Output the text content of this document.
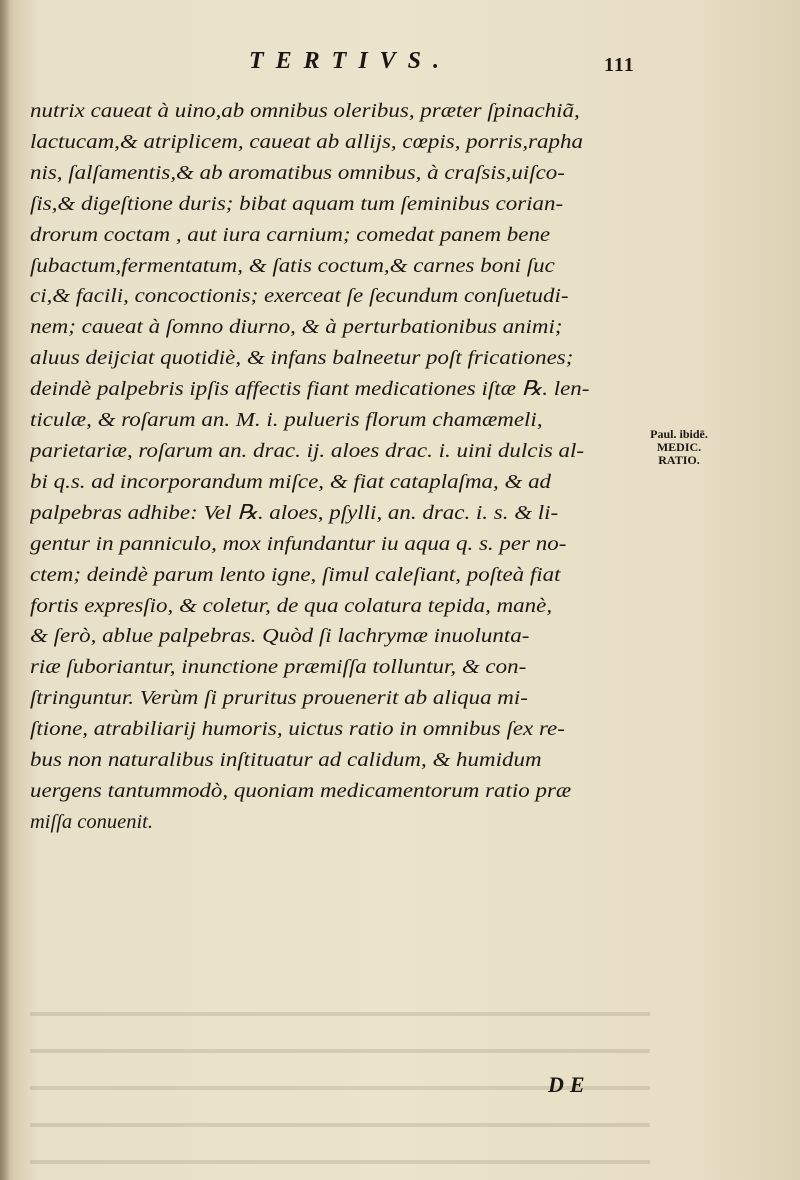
TERTIVS.	111
nutrix caueat à uino,ab omnibus oleribus, præter ſpinachiã,
lactucam,& atriplicem, caueat ab allijs, cœpis, porris,rapha
nis, ſalſamentis,& ab aromatibus omnibus, à craſsis,uiſco-
ſis,& digeſtione duris; bibat aquam tum ſeminibus corian-
drorum coctam , aut iura carnium; comedat panem bene
ſubactum,fermentatum, & ſatis coctum,& carnes boni ſuc
ci,& facili, concoctionis; exerceat ſe ſecundum conſuetudi-
nem; caueat à ſomno diurno, & à perturbationibus animi;
aluus deijciat quotidiè, & infans balneetur poſt fricationes;
deindè palpebris ipſis affectis fiant medicationes iſtæ ℞. len-
ticulæ, & roſarum an. M. i. pulueris florum chamæmeli,
parietariæ, roſarum an. drac. ij. aloes drac. i. uini dulcis al-
bi q.s. ad incorporandum miſce, & fiat cataplaſma, & ad
palpebras adhibe: Vel ℞. aloes, pſylli, an. drac. i. s. & li-
gentur in panniculo, mox infundantur iu aqua q. s. per no-
ctem; deindè parum lento igne, ſimul caleſiant, poſteà fiat
fortis expresſio, & coletur, de qua colatura tepida, manè,
& ſerò, ablue palpebras. Quòd ſi lachrymæ inuolunta-
riæ ſuboriantur, inunctione præmiſſa tolluntur, & con-
ſtringuntur. Verùm ſi pruritus prouenerit ab aliqua mi-
ſtione, atrabiliarij humoris, uictus ratio in omnibus ſex re-
bus non naturalibus inſtituatur ad calidum, & humidum
uergens tantummodò, quoniam medicamentorum ratio præ
miſſa conuenit.
Paul. ibidē.
MEDIC.
RATIO.
DE
